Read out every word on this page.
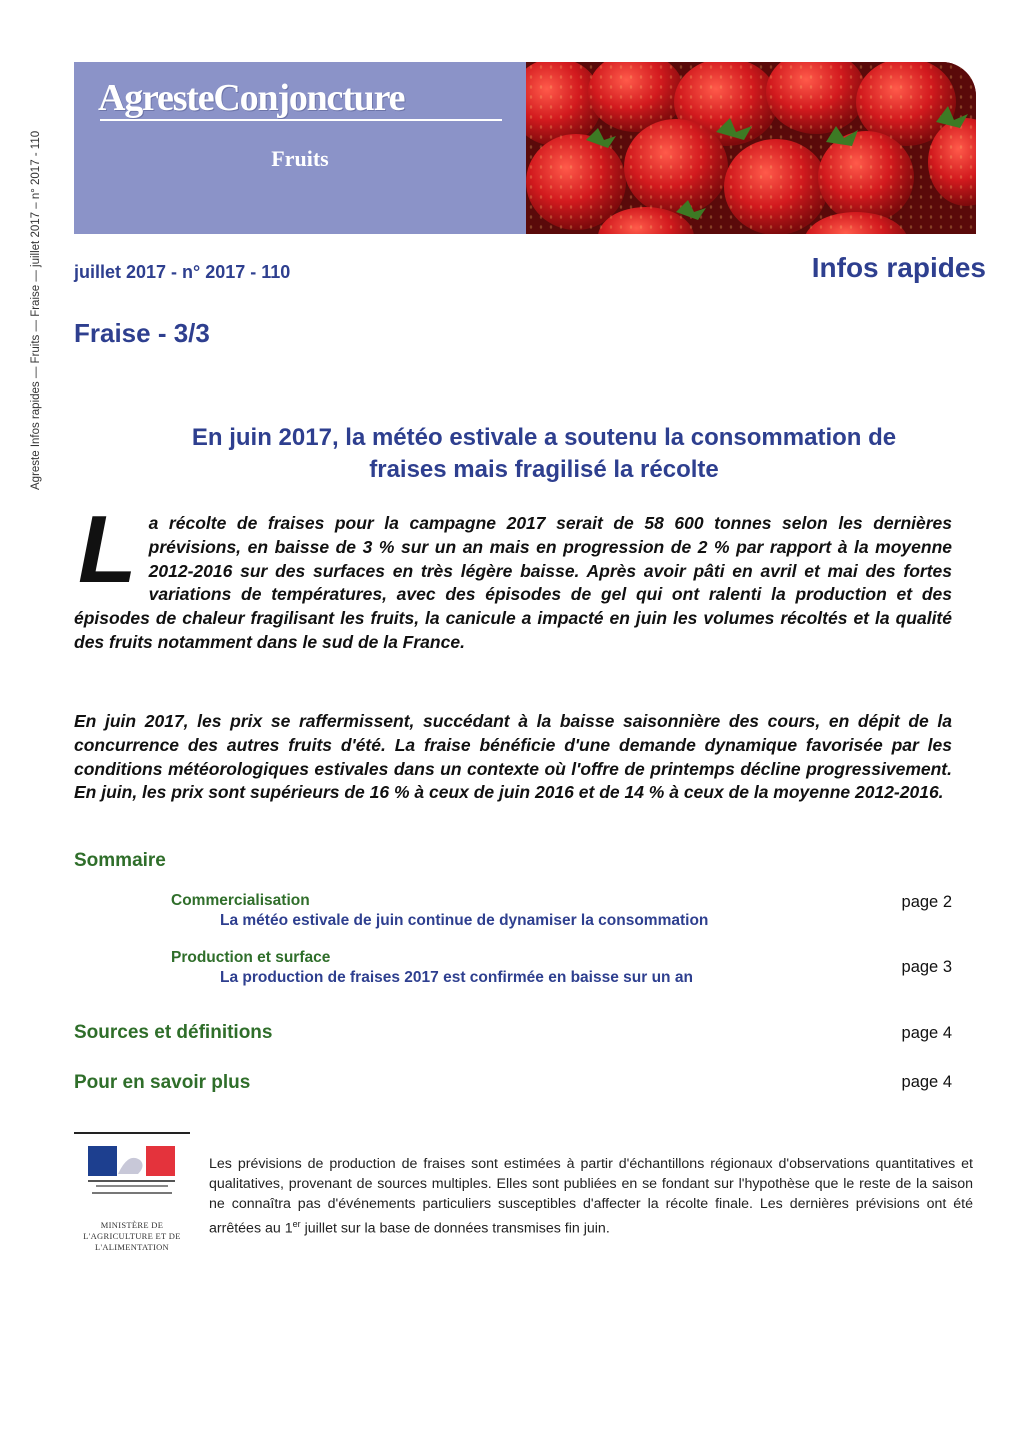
Agreste Infos rapides — Fruits — Fraise — juillet 2017 – n° 2017 - 110
AgresteConjoncture
Fruits
juillet 2017 - n° 2017 - 110	Infos rapides
Fraise - 3/3
En juin 2017, la météo estivale a soutenu la consommation de
fraises mais fragilisé la récolte
L a récolte de fraises pour la campagne 2017 serait de 58 600 tonnes selon les dernières prévisions, en baisse de 3 % sur un an mais en progression de 2 % par rapport à la moyenne 2012-2016 sur des surfaces en très légère baisse. Après avoir pâti en avril et mai des fortes variations de températures, avec des épisodes de gel qui ont ralenti la production et des épisodes de chaleur fragilisant les fruits, la canicule a impacté en juin les volumes récoltés et la qualité des fruits notamment dans le sud de la France.

En juin 2017, les prix se raffermissent, succédant à la baisse saisonnière des cours, en dépit de la concurrence des autres fruits d'été. La fraise bénéficie d'une demande dynamique favorisée par les conditions météorologiques estivales dans un contexte où l'offre de printemps décline progressivement. En juin, les prix sont supérieurs de 16 % à ceux de juin 2016 et de 14 % à ceux de la moyenne 2012-2016.

Sommaire
Commercialisation
La météo estivale de juin continue de dynamiser la consommation
page 2
Production et surface
La production de fraises 2017 est confirmée en baisse sur un an
page 3
Sources et définitions	page 4
Pour en savoir plus	page 4
MINISTÈRE DE L'AGRICULTURE ET DE L'ALIMENTATION

Les prévisions de production de fraises sont estimées à partir d'échantillons régionaux d'observations quantitatives et qualitatives, provenant de sources multiples. Elles sont publiées en se fondant sur l'hypothèse que le reste de la saison ne connaîtra pas d'événements particuliers susceptibles d'affecter la récolte finale. Les dernières prévisions ont été arrêtées au 1er juillet sur la base de données transmises fin juin.
